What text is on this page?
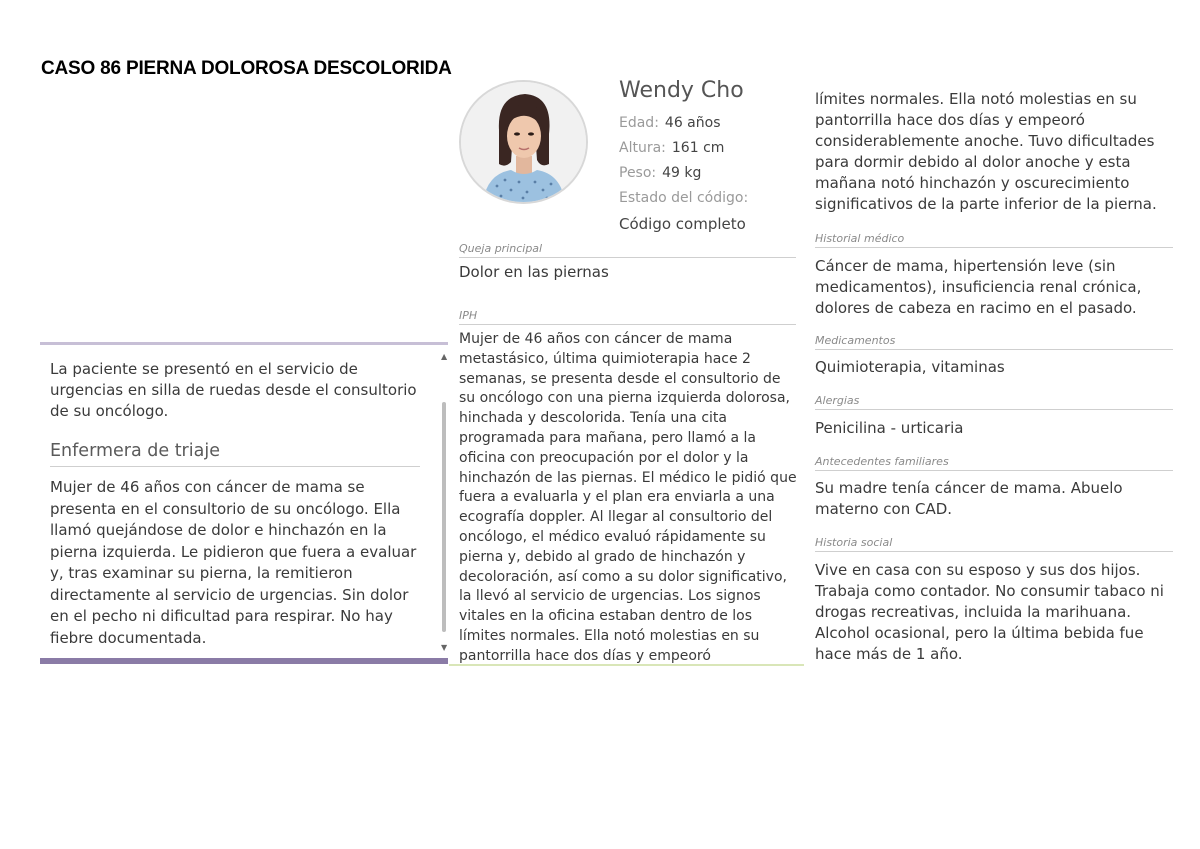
CASO 86 PIERNA DOLOROSA DESCOLORIDA

La paciente se presentó en el servicio de urgencias en silla de ruedas desde el consultorio de su oncólogo.

Enfermera de triaje

Mujer de 46 años con cáncer de mama se presenta en el consultorio de su oncólogo. Ella llamó quejándose de dolor e hinchazón en la pierna izquierda. Le pidieron que fuera a evaluar y, tras examinar su pierna, la remitieron directamente al servicio de urgencias. Sin dolor en el pecho ni dificultad para respirar. No hay fiebre documentada.

▲
▼
Wendy Cho
Edad: 46 años
Altura: 161 cm
Peso: 49 kg
Estado del código:
Código completo
Queja principal

Dolor en las piernas

IPH

Mujer de 46 años con cáncer de mama metastásico, última quimioterapia hace 2 semanas, se presenta desde el consultorio de su oncólogo con una pierna izquierda dolorosa, hinchada y descolorida. Tenía una cita programada para mañana, pero llamó a la oficina con preocupación por el dolor y la hinchazón de las piernas. El médico le pidió que fuera a evaluarla y el plan era enviarla a una ecografía doppler. Al llegar al consultorio del oncólogo, el médico evaluó rápidamente su pierna y, debido al grado de hinchazón y decoloración, así como a su dolor significativo, la llevó al servicio de urgencias. Los signos vitales en la oficina estaban dentro de los límites normales. Ella notó molestias en su pantorrilla hace dos días y empeoró

límites normales. Ella notó molestias en su pantorrilla hace dos días y empeoró considerablemente anoche. Tuvo dificultades para dormir debido al dolor anoche y esta mañana notó hinchazón y oscurecimiento significativos de la parte inferior de la pierna.

Historial médico

Cáncer de mama, hipertensión leve (sin medicamentos), insuficiencia renal crónica, dolores de cabeza en racimo en el pasado.

Medicamentos

Quimioterapia, vitaminas

Alergias

Penicilina - urticaria

Antecedentes familiares

Su madre tenía cáncer de mama. Abuelo materno con CAD.

Historia social

Vive en casa con su esposo y sus dos hijos. Trabaja como contador. No consumir tabaco ni drogas recreativas, incluida la marihuana. Alcohol ocasional, pero la última bebida fue hace más de 1 año.
